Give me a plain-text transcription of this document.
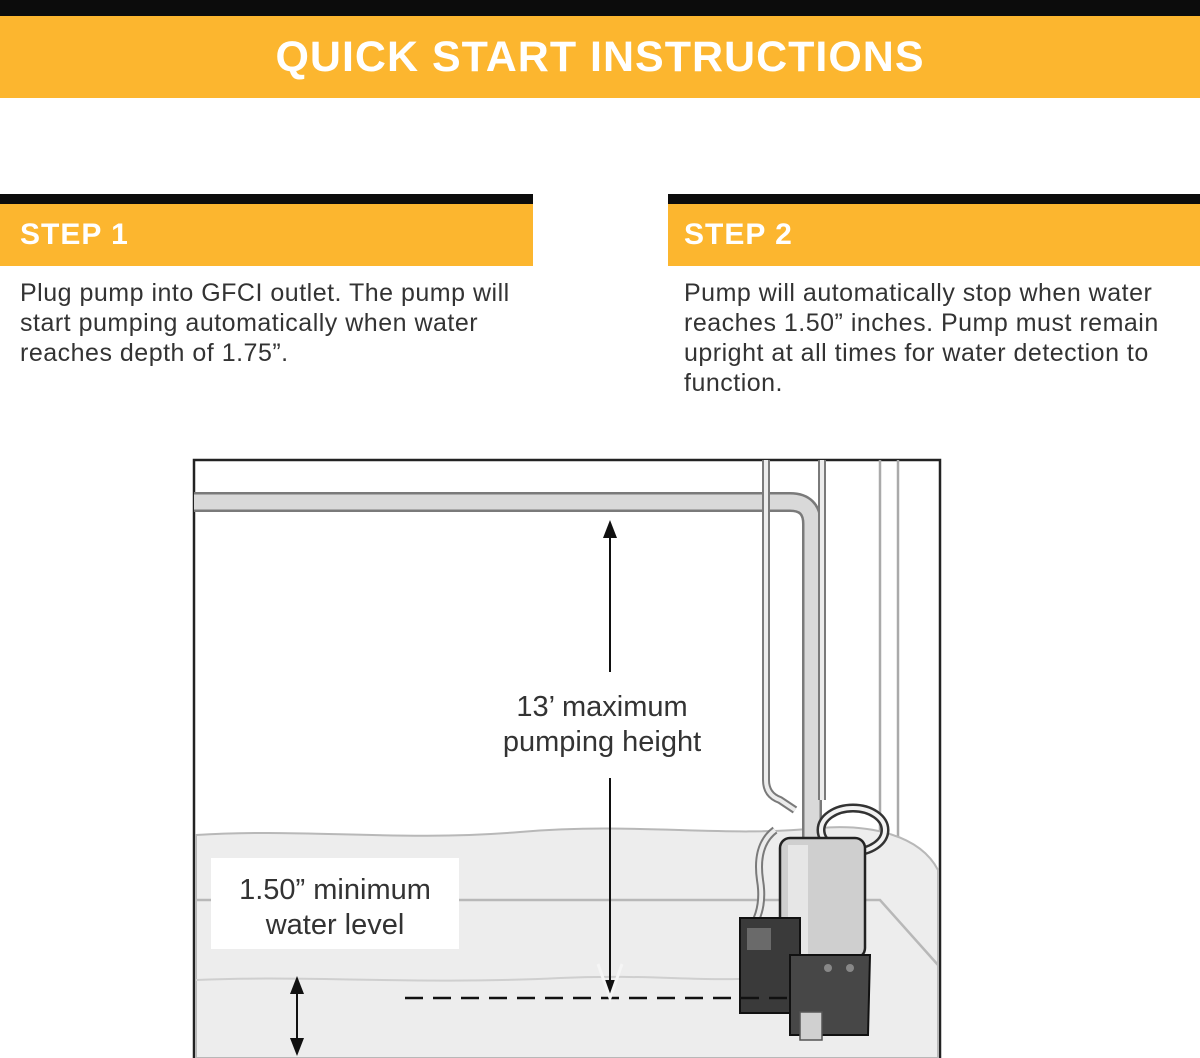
QUICK START INSTRUCTIONS
STEP 1
Plug pump into GFCI outlet. The pump will start pumping automatically when water reaches depth of 1.75”.
STEP 2
Pump will automatically stop when water reaches 1.50” inches. Pump must remain upright at all times for water detection to function.
13’ maximum
pumping height
1.50” minimum
water level
